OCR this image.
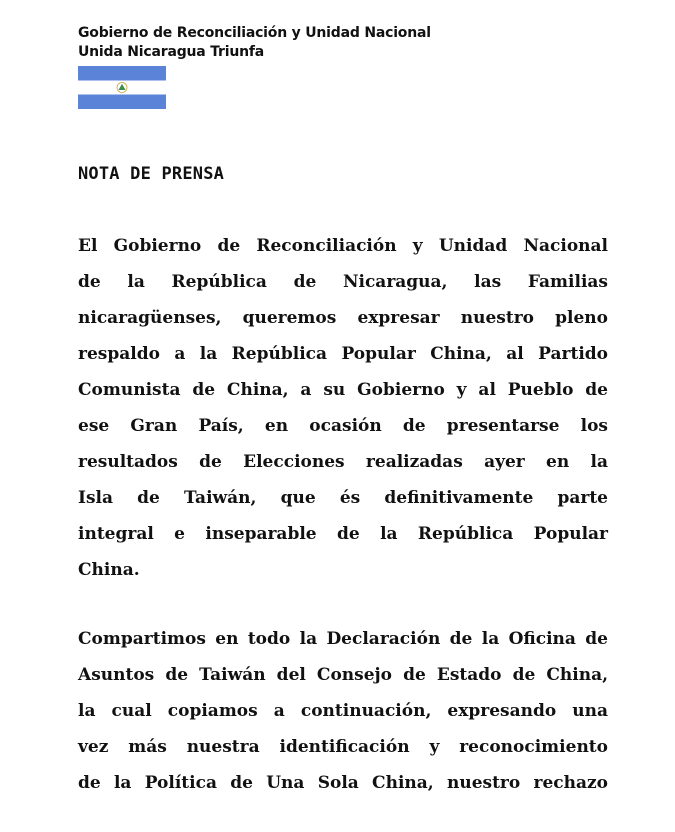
Gobierno de Reconciliación y Unidad Nacional
Unida Nicaragua Triunfa
NOTA DE PRENSA
El Gobierno de Reconciliación y Unidad Nacional
de la República de Nicaragua, las Familias
nicaragüenses, queremos expresar nuestro pleno
respaldo a la República Popular China, al Partido
Comunista de China, a su Gobierno y al Pueblo de
ese Gran País, en ocasión de presentarse los
resultados de Elecciones realizadas ayer en la
Isla de Taiwán, que és definitivamente parte
integral e inseparable de la República Popular
China.
Compartimos en todo la Declaración de la Oficina de
Asuntos de Taiwán del Consejo de Estado de China,
la cual copiamos a continuación, expresando una
vez más nuestra identificación y reconocimiento
de la Política de Una Sola China, nuestro rechazo
